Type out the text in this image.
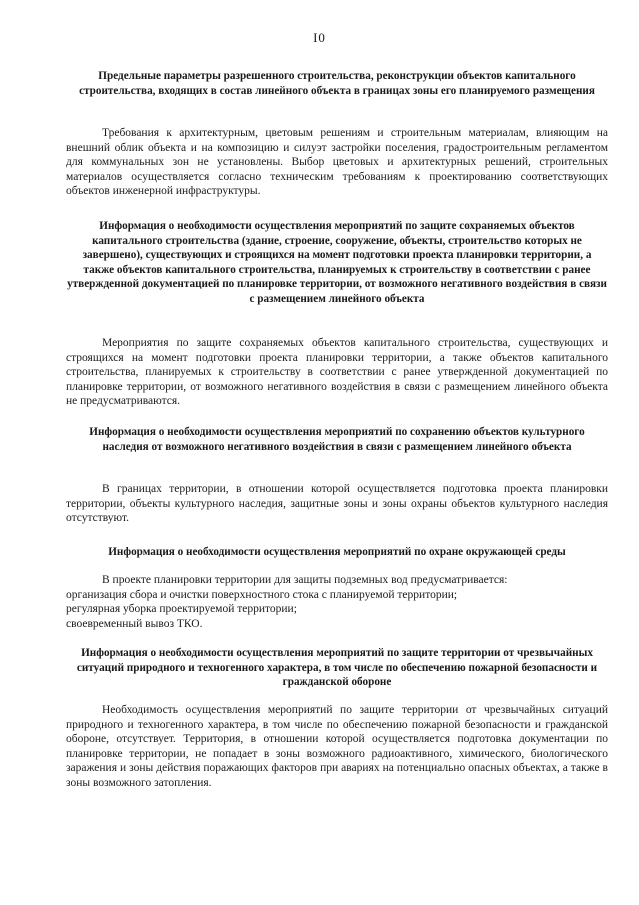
I0
Предельные параметры разрешенного строительства, реконструкции объектов капитального строительства, входящих в состав линейного объекта в границах зоны его планируемого размещения
Требования к архитектурным, цветовым решениям и строительным материалам, влияющим на внешний облик объекта и на композицию и силуэт застройки поселения, градостроительным регламентом для коммунальных зон не установлены. Выбор цветовых и архитектурных решений, строительных материалов осуществляется согласно техническим требованиям к проектированию соответствующих объектов инженерной инфраструктуры.
Информация о необходимости осуществления мероприятий по защите сохраняемых объектов капитального строительства (здание, строение, сооружение, объекты, строительство которых не завершено), существующих и строящихся на момент подготовки проекта планировки территории, а также объектов капитального строительства, планируемых к строительству в соответствии с ранее утвержденной документацией по планировке территории, от возможного негативного воздействия в связи с размещением линейного объекта
Мероприятия по защите сохраняемых объектов капитального строительства, существующих и строящихся на момент подготовки проекта планировки территории, а также объектов капитального строительства, планируемых к строительству в соответствии с ранее утвержденной документацией по планировке территории, от возможного негативного воздействия в связи с размещением линейного объекта не предусматриваются.
Информация о необходимости осуществления мероприятий по сохранению объектов культурного наследия от возможного негативного воздействия в связи с размещением линейного объекта
В границах территории, в отношении которой осуществляется подготовка проекта планировки территории, объекты культурного наследия, защитные зоны и зоны охраны объектов культурного наследия отсутствуют.
Информация о необходимости осуществления мероприятий по охране окружающей среды
В проекте планировки территории для защиты подземных вод предусматривается:
организация сбора и очистки поверхностного стока с планируемой территории;
регулярная уборка проектируемой территории;
своевременный вывоз ТКО.
Информация о необходимости осуществления мероприятий по защите территории от чрезвычайных ситуаций природного и техногенного характера, в том числе по обеспечению пожарной безопасности и гражданской обороне
Необходимость осуществления мероприятий по защите территории от чрезвычайных ситуаций природного и техногенного характера, в том числе по обеспечению пожарной безопасности и гражданской обороне, отсутствует. Территория, в отношении которой осуществляется подготовка документации по планировке территории, не попадает в зоны возможного радиоактивного, химического, биологического заражения и зоны действия поражающих факторов при авариях на потенциально опасных объектах, а также в зоны возможного затопления.
